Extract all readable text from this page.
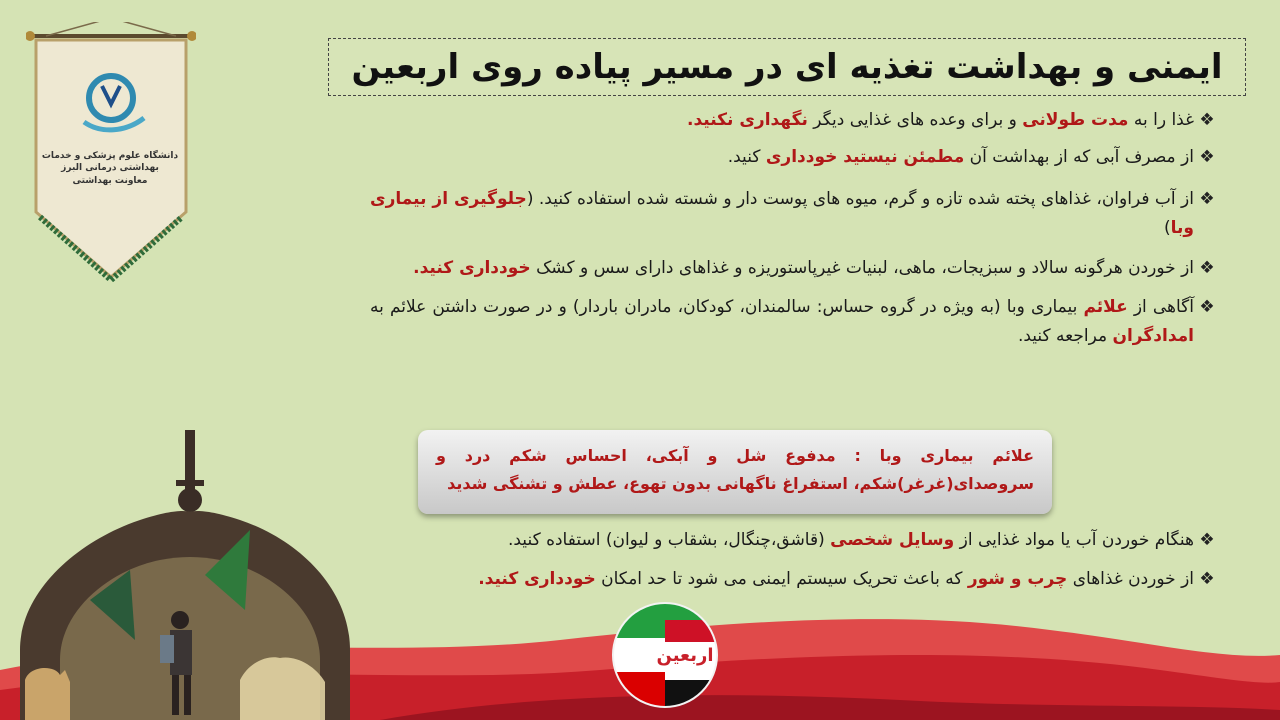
دانشگاه علوم پزشکی و خدمات بهداشتی درمانی البرز
معاونت بهداشتی
اربعین
ایمنی و بهداشت تغذیه ای در مسیر پیاده روی اربعین
❖
غذا را به مدت طولانی و برای وعده های غذایی دیگر نگهداری نکنید.
❖
از مصرف آبی که از بهداشت آن مطمئن نیستید خودداری کنید.
❖
از آب فراوان، غذاهای پخته شده تازه و گرم، میوه های پوست دار و شسته شده استفاده کنید. (جلوگیری از بیماری وبا)
❖
از خوردن هرگونه سالاد و سبزیجات، ماهی، لبنیات غیرپاستوریزه و غذاهای دارای سس و کشک خودداری کنید.
❖
آگاهی از علائم بیماری وبا (به ویژه در گروه حساس: سالمندان، کودکان، مادران باردار) و در صورت داشتن علائم به امدادگران مراجعه کنید.
علائم بیماری وبا : مدفوع شل و آبکی، احساس شکم درد و سروصدای(غرغر)شکم، استفراغ ناگهانی بدون تهوع، عطش و تشنگی شدید
❖
هنگام خوردن آب یا مواد غذایی از وسایل شخصی (قاشق،چنگال، بشقاب و لیوان) استفاده کنید.
❖
از خوردن غذاهای چرب و شور که باعث تحریک سیستم ایمنی می شود تا حد امکان خودداری کنید.
